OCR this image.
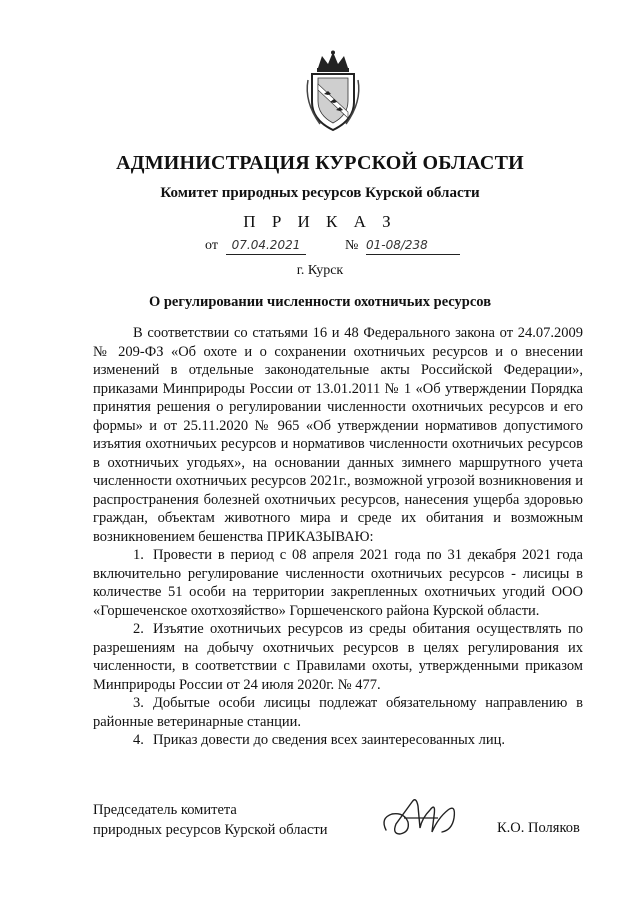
АДМИНИСТРАЦИЯ КУРСКОЙ ОБЛАСТИ
Комитет природных ресурсов Курской области
П Р И К А З
от	07.04.2021	№ 01-08/238
г. Курск
О регулировании численности охотничьих ресурсов

В соответствии со статьями 16 и 48 Федерального закона от 24.07.2009 № 209-ФЗ «Об охоте и о сохранении охотничьих ресурсов и о внесении изменений в отдельные законодательные акты Российской Федерации», приказами Минприроды России от 13.01.2011 № 1 «Об утверждении Порядка принятия решения о регулировании численности охотничьих ресурсов и его формы» и от 25.11.2020 № 965 «Об утверждении нормативов допустимого изъятия охотничьих ресурсов и нормативов численности охотничьих ресурсов в охотничьих угодьях», на основании данных зимнего маршрутного учета численности охотничьих ресурсов 2021г., возможной угрозой возникновения и распространения болезней охотничьих ресурсов, нанесения ущерба здоровью граждан, объектам животного мира и среде их обитания и возможным возникновением бешенства ПРИКАЗЫВАЮ:

1. Провести в период с 08 апреля 2021 года по 31 декабря 2021 года включительно регулирование численности охотничьих ресурсов - лисицы в количестве 51 особи на территории закрепленных охотничьих угодий ООО «Горшеченское охотхозяйство» Горшеченского района Курской области.

2. Изъятие охотничьих ресурсов из среды обитания осуществлять по разрешениям на добычу охотничьих ресурсов в целях регулирования их численности, в соответствии с Правилами охоты, утвержденными приказом Минприроды России от 24 июля 2020г. № 477.

3. Добытые особи лисицы подлежат обязательному направлению в районные ветеринарные станции.

4. Приказ довести до сведения всех заинтересованных лиц.

Председатель комитета
природных ресурсов Курской области	К.О. Поляков
